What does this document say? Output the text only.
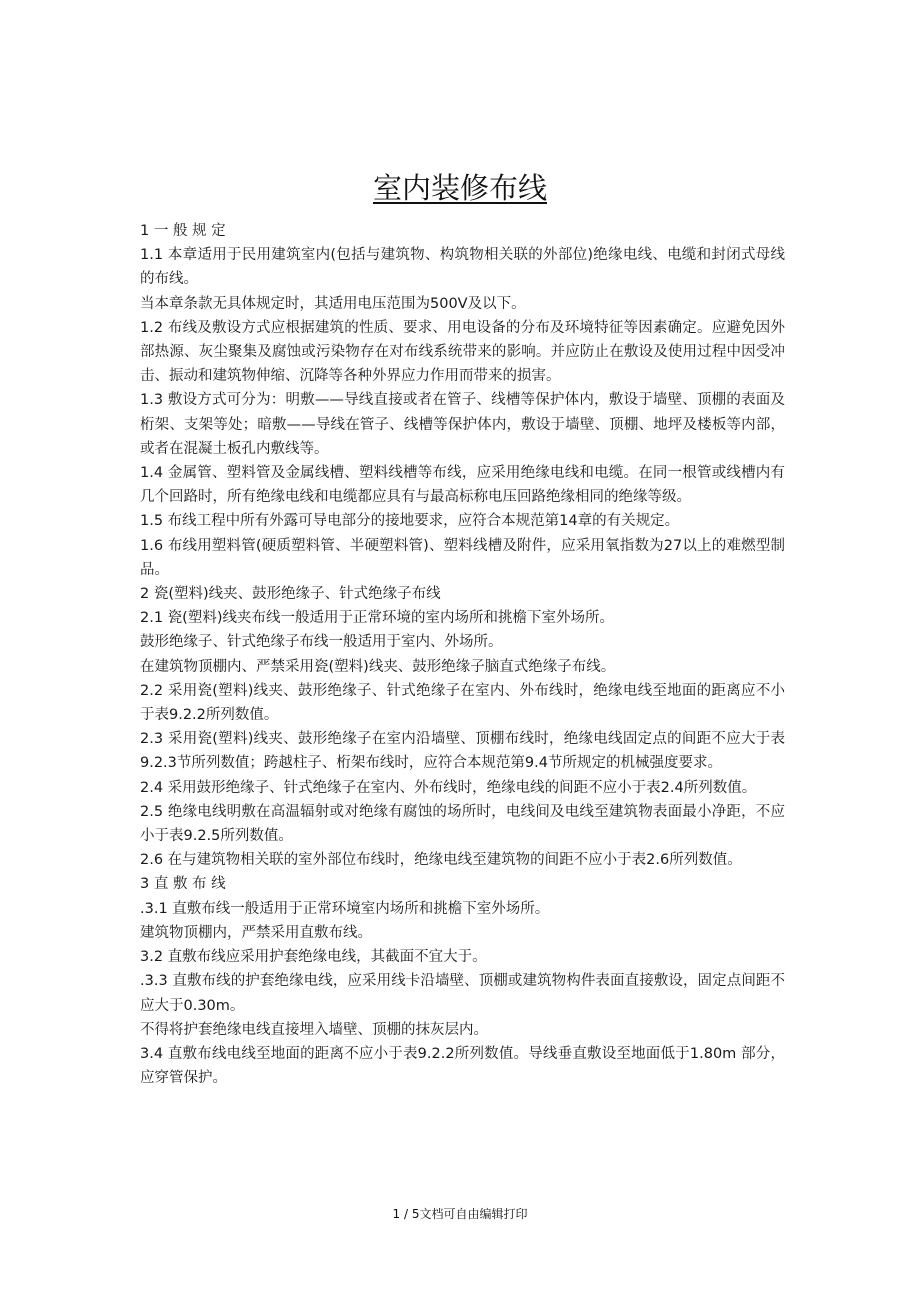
室内装修布线

1 一 般 规 定

1.1 本章适用于民用建筑室内(包括与建筑物、构筑物相关联的外部位)绝缘电线、电缆和封闭式母线的布线。

当本章条款无具体规定时，其适用电压范围为500V及以下。

1.2 布线及敷设方式应根据建筑的性质、要求、用电设备的分布及环境特征等因素确定。应避免因外部热源、灰尘聚集及腐蚀或污染物存在对布线系统带来的影响。并应防止在敷设及使用过程中因受冲击、振动和建筑物伸缩、沉降等各种外界应力作用而带来的损害。

1.3 敷设方式可分为：明敷——导线直接或者在管子、线槽等保护体内，敷设于墙壁、顶棚的表面及桁架、支架等处；暗敷——导线在管子、线槽等保护体内，敷设于墙壁、顶棚、地坪及楼板等内部，或者在混凝土板孔内敷线等。

1.4 金属管、塑料管及金属线槽、塑料线槽等布线，应采用绝缘电线和电缆。在同一根管或线槽内有几个回路时，所有绝缘电线和电缆都应具有与最高标称电压回路绝缘相同的绝缘等级。

1.5 布线工程中所有外露可导电部分的接地要求，应符合本规范第14章的有关规定。

1.6 布线用塑料管(硬质塑料管、半硬塑料管)、塑料线槽及附件，应采用氧指数为27以上的难燃型制品。

2 瓷(塑料)线夹、鼓形绝缘子、针式绝缘子布线

2.1 瓷(塑料)线夹布线一般适用于正常环境的室内场所和挑檐下室外场所。

鼓形绝缘子、针式绝缘子布线一般适用于室内、外场所。

在建筑物顶棚内、严禁采用瓷(塑料)线夹、鼓形绝缘子脑直式绝缘子布线。

2.2 采用瓷(塑料)线夹、鼓形绝缘子、针式绝缘子在室内、外布线时，绝缘电线至地面的距离应不小于表9.2.2所列数值。

2.3 采用瓷(塑料)线夹、鼓形绝缘子在室内沿墙壁、顶棚布线时，绝缘电线固定点的间距不应大于表9.2.3节所列数值；跨越柱子、桁架布线时，应符合本规范第9.4节所规定的机械强度要求。

2.4 采用鼓形绝缘子、针式绝缘子在室内、外布线时，绝缘电线的间距不应小于表2.4所列数值。

2.5 绝缘电线明敷在高温辐射或对绝缘有腐蚀的场所时，电线间及电线至建筑物表面最小净距，不应小于表9.2.5所列数值。

2.6 在与建筑物相关联的室外部位布线时，绝缘电线至建筑物的间距不应小于表2.6所列数值。

3 直 敷 布 线

.3.1 直敷布线一般适用于正常环境室内场所和挑檐下室外场所。

建筑物顶棚内，严禁采用直敷布线。

3.2 直敷布线应采用护套绝缘电线，其截面不宜大于。

.3.3 直敷布线的护套绝缘电线，应采用线卡沿墙壁、顶棚或建筑物构件表面直接敷设，固定点间距不应大于0.30m。

不得将护套绝缘电线直接埋入墙壁、顶棚的抹灰层内。

3.4 直敷布线电线至地面的距离不应小于表9.2.2所列数值。导线垂直敷设至地面低于1.80m 部分，应穿管保护。

1 / 5文档可自由编辑打印
